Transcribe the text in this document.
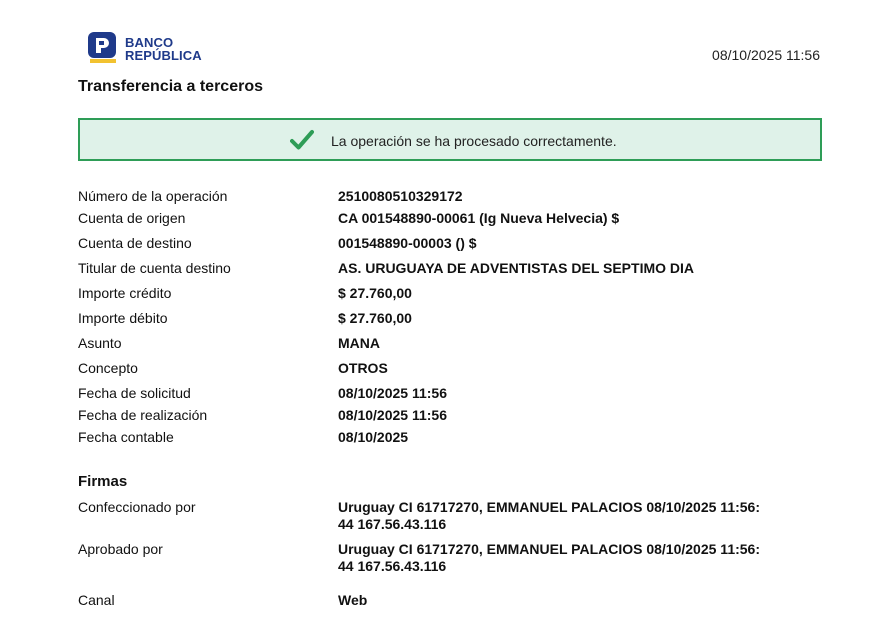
BANCO
REPÚBLICA	08/10/2025 11:56
Transferencia a terceros
La operación se ha procesado correctamente.
Número de la operación	2510080510329172
Cuenta de origen	CA 001548890-00061 (Ig Nueva Helvecia) $
Cuenta de destino	001548890-00003 () $
Titular de cuenta destino	AS. URUGUAYA DE ADVENTISTAS DEL SEPTIMO DIA
Importe crédito	$ 27.760,00
Importe débito	$ 27.760,00
Asunto	MANA
Concepto	OTROS
Fecha de solicitud	08/10/2025 11:56
Fecha de realización	08/10/2025 11:56
Fecha contable	08/10/2025
Firmas
Confeccionado por	Uruguay CI 61717270, EMMANUEL PALACIOS 08/10/2025 11:56:
44 167.56.43.116
Aprobado por	Uruguay CI 61717270, EMMANUEL PALACIOS 08/10/2025 11:56:
44 167.56.43.116
Canal	Web
